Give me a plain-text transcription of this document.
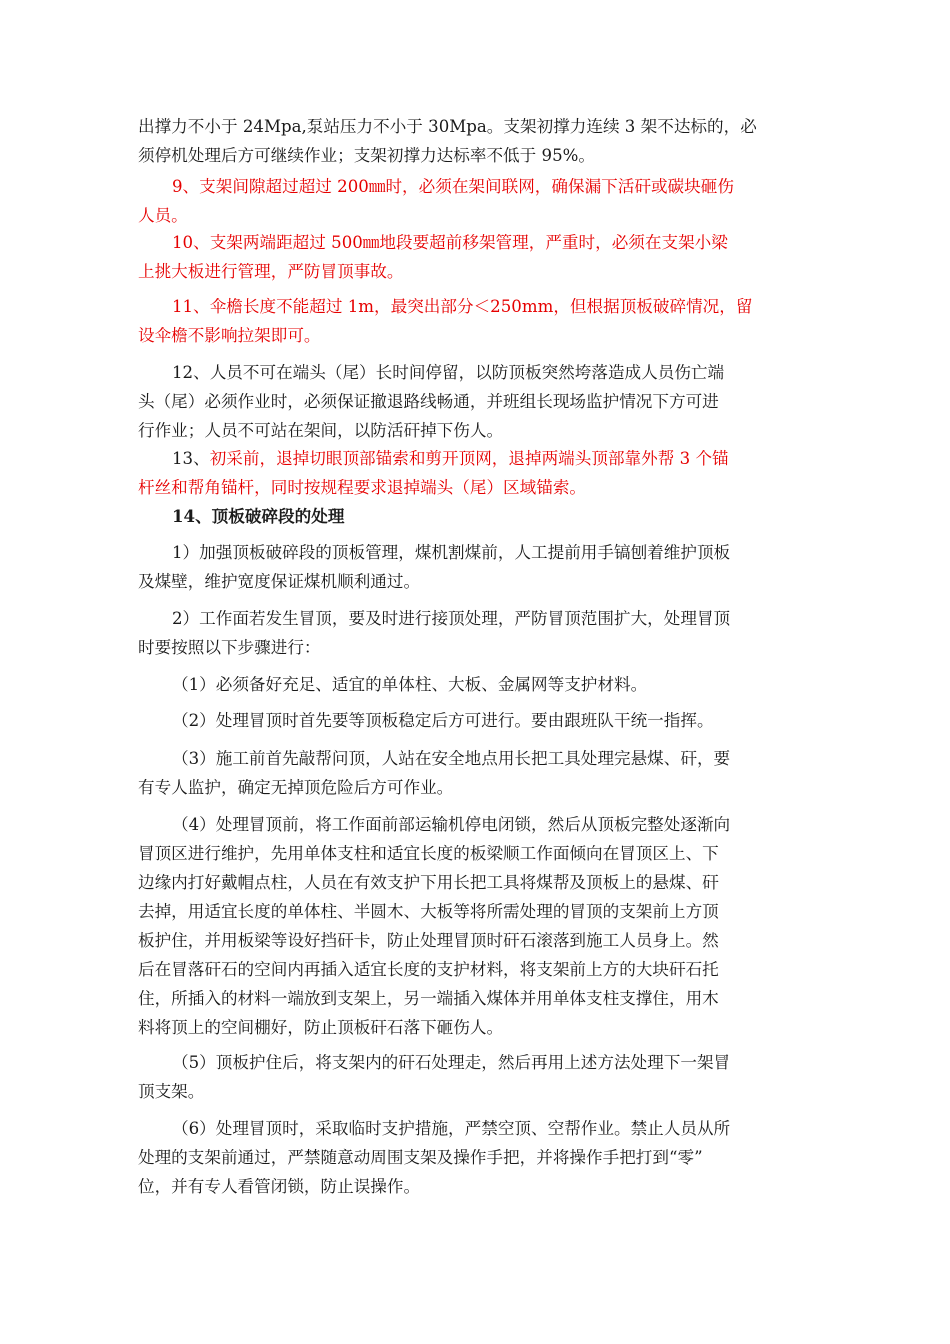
出撑力不小于 24Mpa,泵站压力不小于 30Mpa。支架初撑力连续 3 架不达标的，必
须停机处理后方可继续作业；支架初撑力达标率不低于 95%。
9、支架间隙超过超过 200㎜时，必须在架间联网，确保漏下活矸或碳块砸伤
人员。
10、支架两端距超过 500㎜地段要超前移架管理，严重时，必须在支架小梁
上挑大板进行管理，严防冒顶事故。
11、伞檐长度不能超过 1m，最突出部分＜250mm，但根据顶板破碎情况，留
设伞檐不影响拉架即可。
12、人员不可在端头（尾）长时间停留，以防顶板突然垮落造成人员伤亡端
头（尾）必须作业时，必须保证撤退路线畅通，并班组长现场监护情况下方可进
行作业；人员不可站在架间，以防活矸掉下伤人。
13、初采前，退掉切眼顶部锚索和剪开顶网，退掉两端头顶部靠外帮 3 个锚
杆丝和帮角锚杆，同时按规程要求退掉端头（尾）区域锚索。
14、顶板破碎段的处理
1）加强顶板破碎段的顶板管理，煤机割煤前，人工提前用手镐刨着维护顶板
及煤壁，维护宽度保证煤机顺利通过。
2）工作面若发生冒顶，要及时进行接顶处理，严防冒顶范围扩大，处理冒顶
时要按照以下步骤进行：
（1）必须备好充足、适宜的单体柱、大板、金属网等支护材料。
（2）处理冒顶时首先要等顶板稳定后方可进行。要由跟班队干统一指挥。
（3）施工前首先敲帮问顶，人站在安全地点用长把工具处理完悬煤、矸，要
有专人监护，确定无掉顶危险后方可作业。
（4）处理冒顶前，将工作面前部运输机停电闭锁，然后从顶板完整处逐渐向
冒顶区进行维护，先用单体支柱和适宜长度的板梁顺工作面倾向在冒顶区上、下
边缘内打好戴帽点柱，人员在有效支护下用长把工具将煤帮及顶板上的悬煤、矸
去掉，用适宜长度的单体柱、半圆木、大板等将所需处理的冒顶的支架前上方顶
板护住，并用板梁等设好挡矸卡，防止处理冒顶时矸石滚落到施工人员身上。然
后在冒落矸石的空间内再插入适宜长度的支护材料，将支架前上方的大块矸石托
住，所插入的材料一端放到支架上，另一端插入煤体并用单体支柱支撑住，用木
料将顶上的空间棚好，防止顶板矸石落下砸伤人。
（5）顶板护住后，将支架内的矸石处理走，然后再用上述方法处理下一架冒
顶支架。
（6）处理冒顶时，采取临时支护措施，严禁空顶、空帮作业。禁止人员从所
处理的支架前通过，严禁随意动周围支架及操作手把，并将操作手把打到“零”
位，并有专人看管闭锁，防止误操作。
